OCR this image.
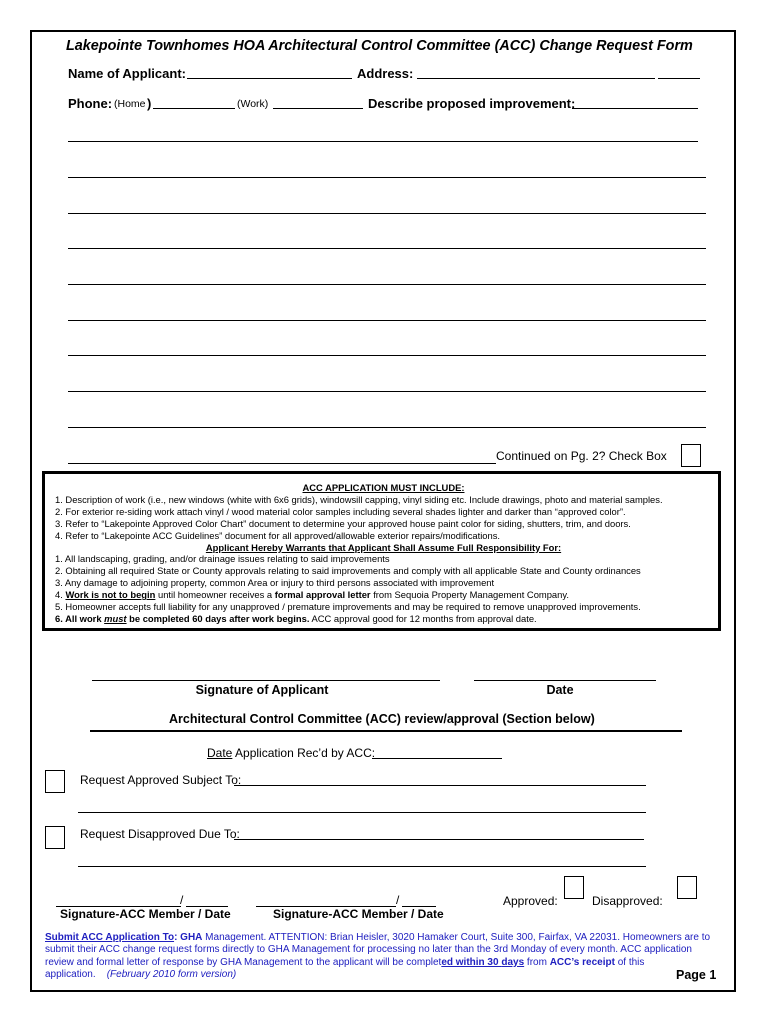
Lakepointe Townhomes HOA Architectural Control Committee (ACC) Change Request Form
Name of Applicant:	Address:
Phone: (Home )	(Work)	Describe proposed improvement:
Continued on Pg. 2? Check Box
ACC APPLICATION MUST INCLUDE:
1. Description of work (i.e., new windows (white with 6x6 grids), windowsill capping, vinyl siding etc. Include drawings, photo and material samples.
2. For exterior re-siding work attach vinyl / wood material color samples including several shades lighter and darker than “approved color”.
3. Refer to “Lakepointe Approved Color Chart” document to determine your approved house paint color for siding, shutters, trim, and doors.
4. Refer to “Lakepointe ACC Guidelines” document for all approved/allowable exterior repairs/modifications.
Applicant Hereby Warrants that Applicant Shall Assume Full Responsibility For:
1. All landscaping, grading, and/or drainage issues relating to said improvements
2. Obtaining all required State or County approvals relating to said improvements and comply with all applicable State and County ordinances
3. Any damage to adjoining property, common Area or injury to third persons associated with improvement
4. Work is not to begin until homeowner receives a formal approval letter from Sequoia Property Management Company.
5. Homeowner accepts full liability for any unapproved / premature improvements and may be required to remove unapproved improvements.
6. All work must be completed 60 days after work begins. ACC approval good for 12 months from approval date.
Signature of Applicant	Date
Architectural Control Committee (ACC) review/approval (Section below)
Date Application Rec’d by ACC:
Request Approved Subject To:
Request Disapproved Due To:
/	/
Signature-ACC Member / Date	Signature-ACC Member / Date
Approved:	Disapproved:
Submit ACC Application To: GHA Management. ATTENTION: Brian Heisler, 3020 Hamaker Court, Suite 300, Fairfax, VA 22031. Homeowners are to submit their ACC change request forms directly to GHA Management for processing no later than the 3rd Monday of every month. ACC application review and formal letter of response by GHA Management to the applicant will be completed within 30 days from ACC’s receipt of this application. (February 2010 form version)	Page 1
